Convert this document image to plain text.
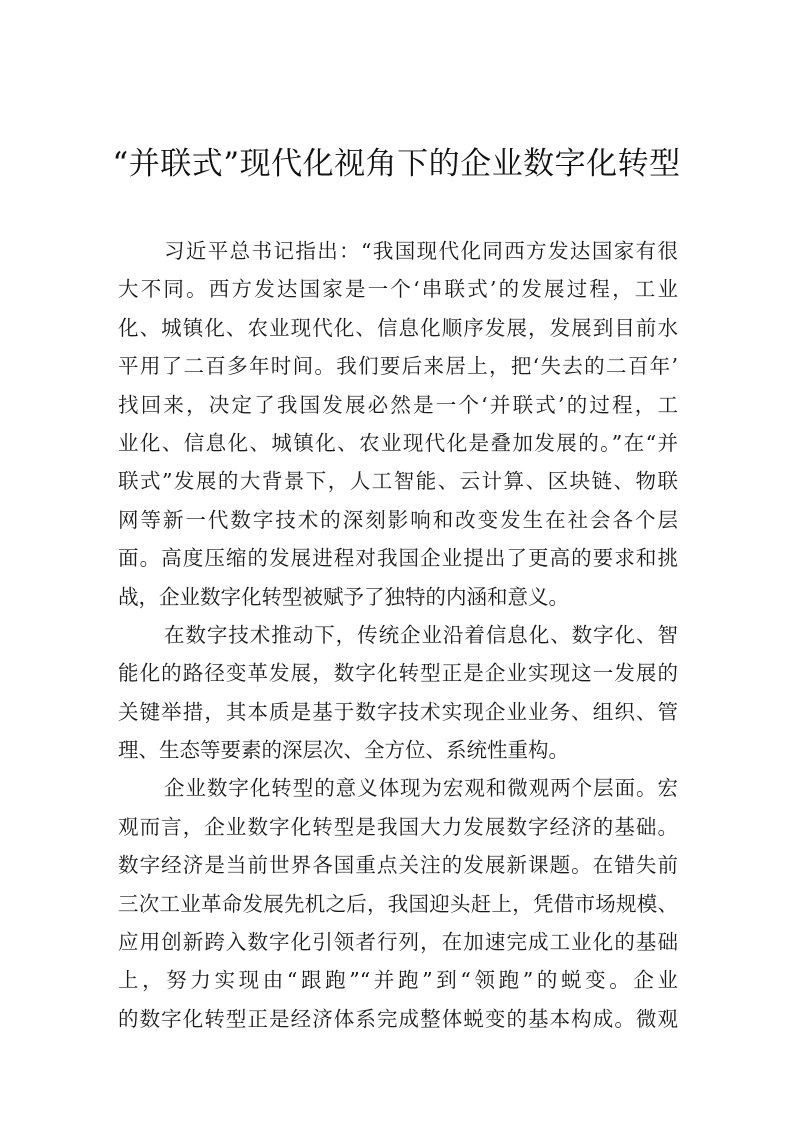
“并联式”现代化视角下的企业数字化转型
习近平总书记指出：“我国现代化同西方发达国家有很
大不同。西方发达国家是一个‘串联式’的发展过程，工业
化、城镇化、农业现代化、信息化顺序发展，发展到目前水
平用了二百多年时间。我们要后来居上，把‘失去的二百年’
找回来，决定了我国发展必然是一个‘并联式’的过程，工
业化、信息化、城镇化、农业现代化是叠加发展的。”在“并
联式”发展的大背景下，人工智能、云计算、区块链、物联
网等新一代数字技术的深刻影响和改变发生在社会各个层
面。高度压缩的发展进程对我国企业提出了更高的要求和挑
战，企业数字化转型被赋予了独特的内涵和意义。
在数字技术推动下，传统企业沿着信息化、数字化、智
能化的路径变革发展，数字化转型正是企业实现这一发展的
关键举措，其本质是基于数字技术实现企业业务、组织、管
理、生态等要素的深层次、全方位、系统性重构。
企业数字化转型的意义体现为宏观和微观两个层面。宏
观而言，企业数字化转型是我国大力发展数字经济的基础。
数字经济是当前世界各国重点关注的发展新课题。在错失前
三次工业革命发展先机之后，我国迎头赶上，凭借市场规模、
应用创新跨入数字化引领者行列，在加速完成工业化的基础
上，努力实现由“跟跑”“并跑”到“领跑”的蜕变。企业
的数字化转型正是经济体系完成整体蜕变的基本构成。微观
